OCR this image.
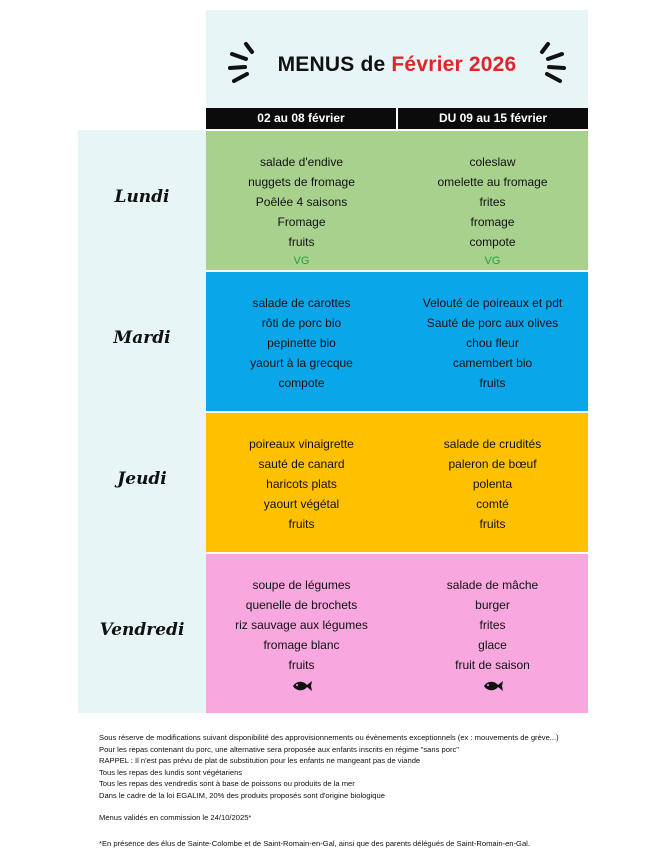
MENUS de Février 2026
02 au 08 février	DU 09 au 15 février
Lundi
salade d'endive
nuggets de fromage
Poêlée 4 saisons
Fromage
fruits
VG
coleslaw
omelette au fromage
frites
fromage
compote
VG
Mardi
salade de carottes
rôti de porc bio
pepinette bio
yaourt à la grecque
compote
Velouté de poireaux et pdt
Sauté de porc aux olives
chou fleur
camembert bio
fruits
Jeudi
poireaux vinaigrette
sauté de canard
haricots plats
yaourt végétal
fruits
salade de crudités
paleron de bœuf
polenta
comté
fruits
Vendredi
soupe de légumes
quenelle de brochets
riz sauvage aux légumes
fromage blanc
fruits
salade de mâche
burger
frites
glace
fruit de saison
Sous réserve de modifications suivant disponibilité des approvisionnements ou évènements exceptionnels (ex : mouvements de grève...)
Pour les repas contenant du porc, une alternative sera proposée aux enfants inscrits en régime "sans porc"
RAPPEL : Il n'est pas prévu de plat de substitution pour les enfants ne mangeant pas de viande
Tous les repas des lundis sont végétariens
Tous les repas des vendredis sont à base de poissons ou produits de la mer
Dans le cadre de la loi EGALIM, 20% des produits proposés sont d'origine biologique
Menus validés en commission le 24/10/2025*
*En présence des élus de Sainte-Colombe et de Saint-Romain-en-Gal, ainsi que des parents délégués de Saint-Romain-en-Gal.
